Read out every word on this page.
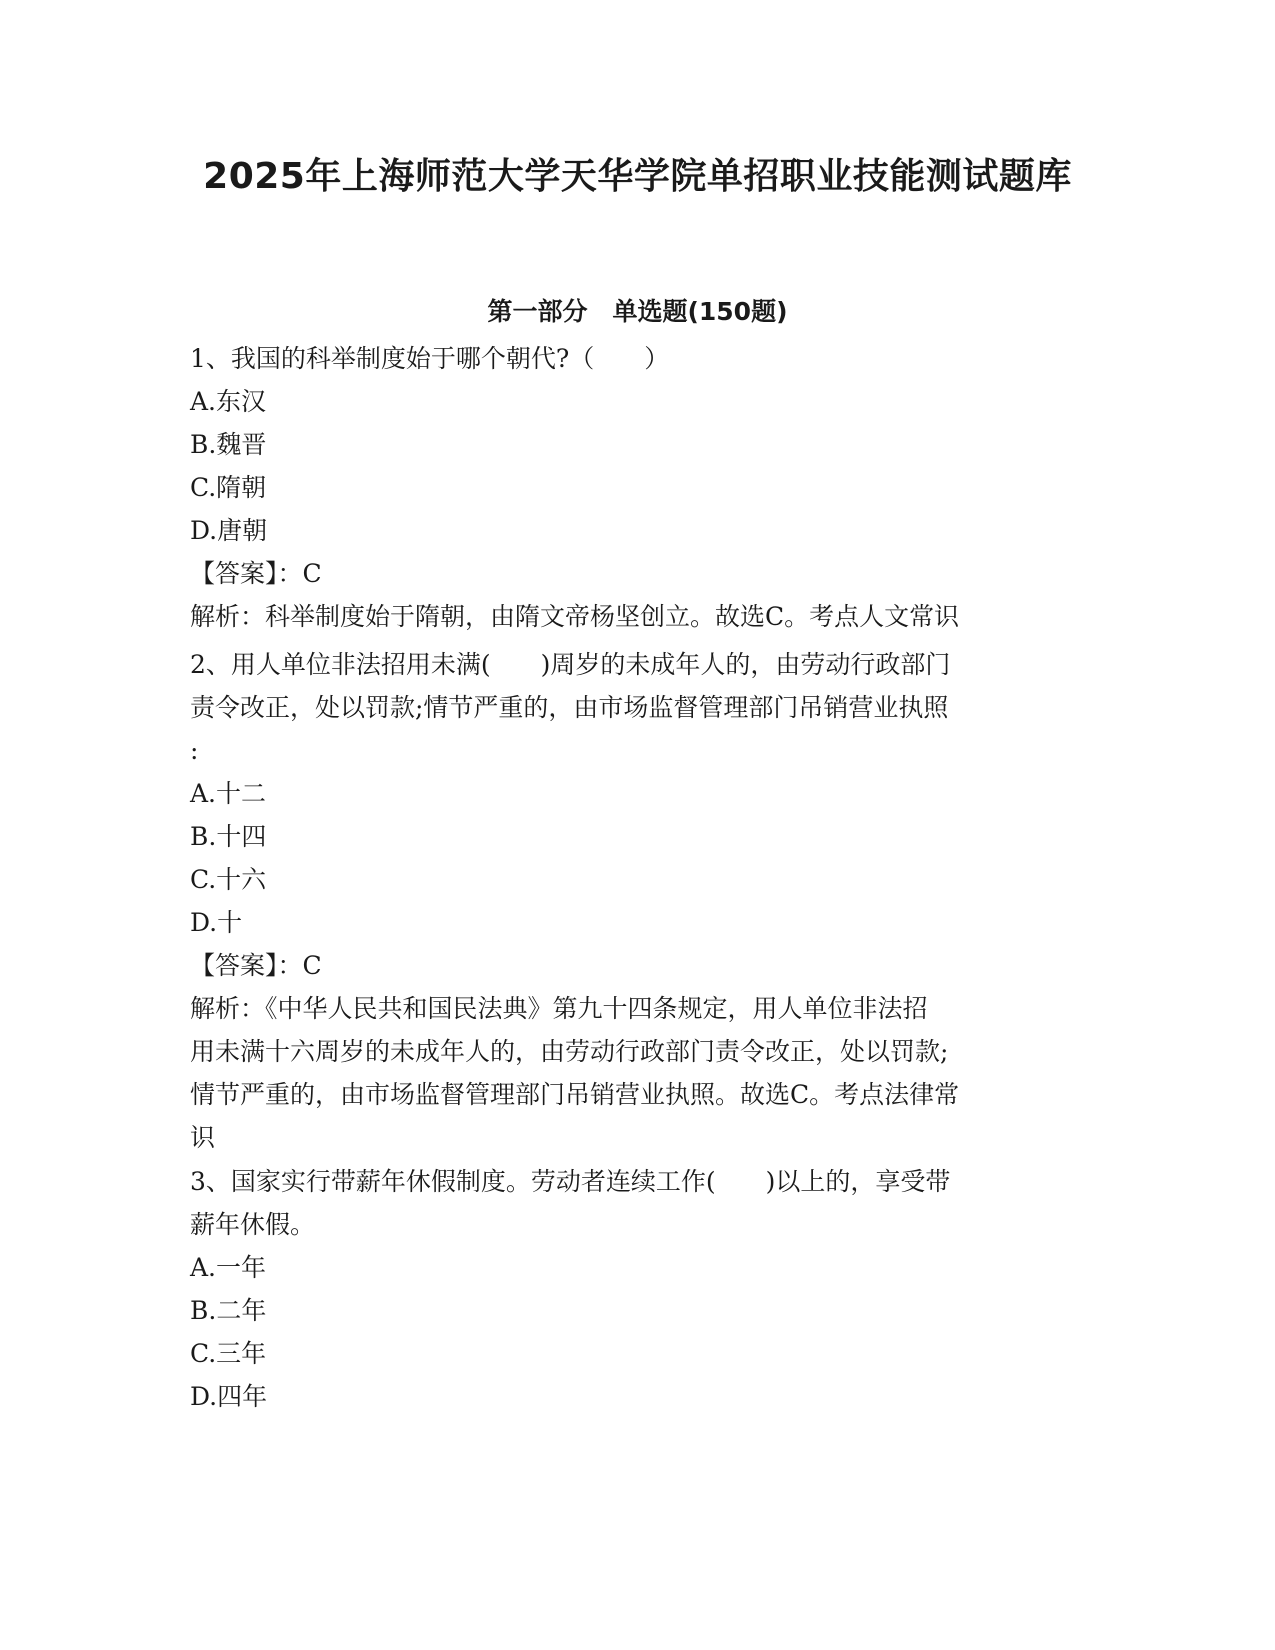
2025年上海师范大学天华学院单招职业技能测试题库
第一部分　单选题(150题)
1、我国的科举制度始于哪个朝代?（　　）
A.东汉
B.魏晋
C.隋朝
D.唐朝
【答案】：C
解析：科举制度始于隋朝，由隋文帝杨坚创立。故选C。考点人文常识
2、用人单位非法招用未满(　　)周岁的未成年人的，由劳动行政部门
责令改正，处以罚款;情节严重的，由市场监督管理部门吊销营业执照
:
A.十二
B.十四
C.十六
D.十
【答案】：C
解析：《中华人民共和国民法典》第九十四条规定，用人单位非法招
用未满十六周岁的未成年人的，由劳动行政部门责令改正，处以罚款;
情节严重的，由市场监督管理部门吊销营业执照。故选C。考点法律常
识
3、国家实行带薪年休假制度。劳动者连续工作(　　)以上的，享受带
薪年休假。
A.一年
B.二年
C.三年
D.四年
